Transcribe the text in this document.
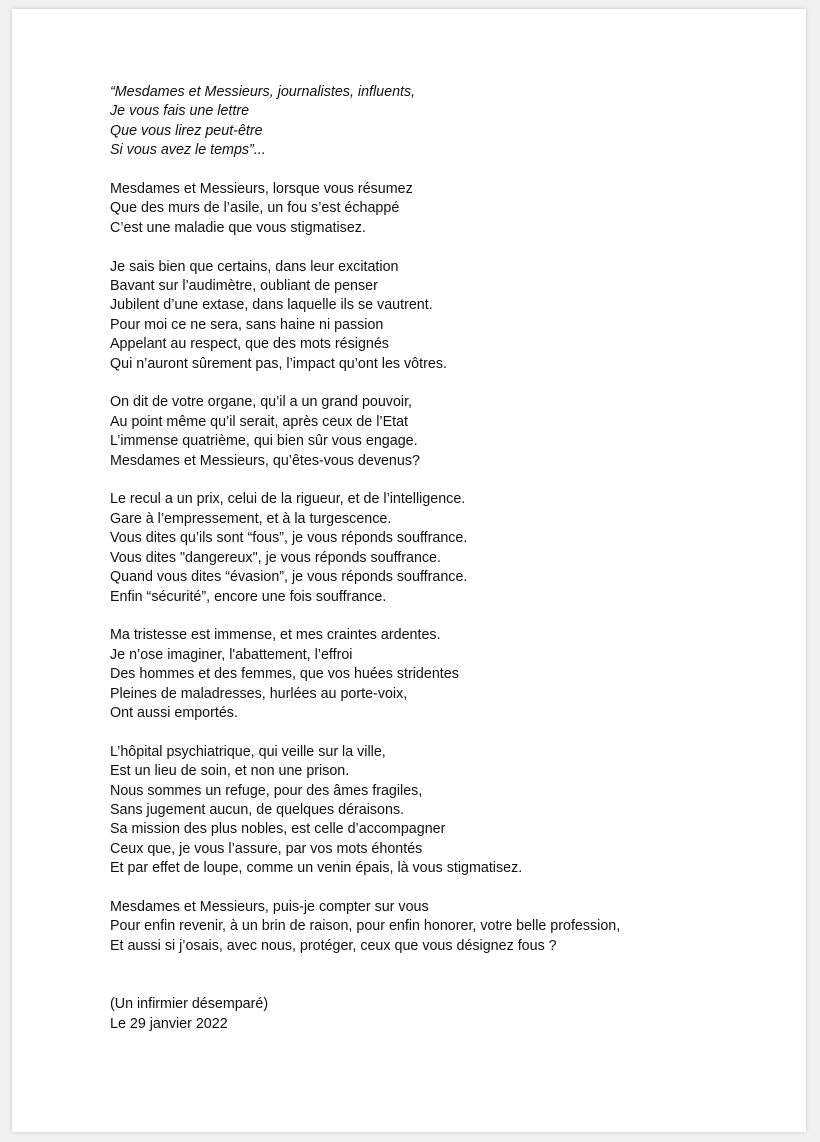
“Mesdames et Messieurs, journalistes, influents,
Je vous fais une lettre
Que vous lirez peut-être
Si vous avez le temps”...
Mesdames et Messieurs, lorsque vous résumez
Que des murs de l’asile, un fou s’est échappé
C’est une maladie que vous stigmatisez.
Je sais bien que certains, dans leur excitation
Bavant sur l’audimètre, oubliant de penser
Jubilent d’une extase, dans laquelle ils se vautrent.
Pour moi ce ne sera, sans haine ni passion
Appelant au respect, que des mots résignés
Qui n’auront sûrement pas, l’impact qu’ont les vôtres.
On dit de votre organe, qu’il a un grand pouvoir,
Au point même qu’il serait, après ceux de l’Etat
L’immense quatrième, qui bien sûr vous engage.
Mesdames et Messieurs, qu’êtes-vous devenus?
Le recul a un prix, celui de la rigueur, et de l’intelligence.
Gare à l’empressement, et à la turgescence.
Vous dites qu’ils sont “fous”, je vous réponds souffrance.
Vous dites "dangereux", je vous réponds souffrance.
Quand vous dites “évasion”, je vous réponds souffrance.
Enfin “sécurité”, encore une fois souffrance.
Ma tristesse est immense, et mes craintes ardentes.
Je n’ose imaginer, l'abattement, l’effroi
Des hommes et des femmes, que vos huées stridentes
Pleines de maladresses, hurlées au porte-voix,
Ont aussi emportés.
L’hôpital psychiatrique, qui veille sur la ville,
Est un lieu de soin, et non une prison.
Nous sommes un refuge, pour des âmes fragiles,
Sans jugement aucun, de quelques déraisons.
Sa mission des plus nobles, est celle d’accompagner
Ceux que, je vous l’assure, par vos mots éhontés
Et par effet de loupe, comme un venin épais, là vous stigmatisez.
Mesdames et Messieurs, puis-je compter sur vous
Pour enfin revenir, à un brin de raison, pour enfin honorer, votre belle profession,
Et aussi si j’osais, avec nous, protéger, ceux que vous désignez fous ?
(Un infirmier désemparé)
Le 29 janvier 2022
